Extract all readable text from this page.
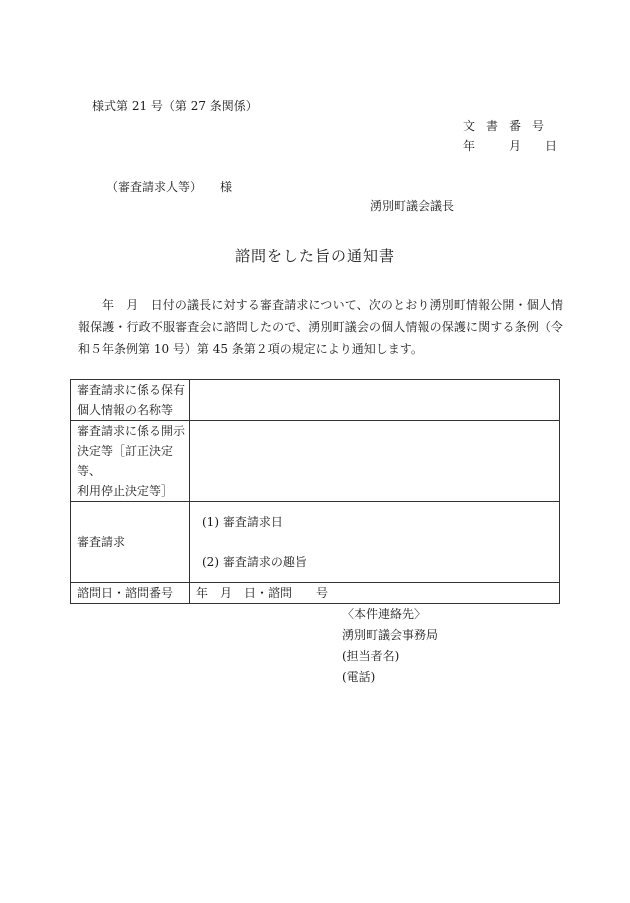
様式第 21 号（第 27 条関係）
文書番号
年	月 日
（審査請求人等） 様
湧別町議会議長
諮問をした旨の通知書
年　月　日付の議長に対する審査請求について、次のとおり湧別町情報公開・個人情報保護・行政不服審査会に諮問したので、湧別町議会の個人情報の保護に関する条例（令和５年条例第 10 号）第 45 条第２項の規定により通知します。
審査請求に係る保有
個人情報の名称等	

審査請求に係る開示
決定等［訂正決定等、
利用停止決定等］	

審査請求	(1) 審査請求日
(2) 審査請求の趣旨

諮問日・諮問番号	年　月　日・諮問　　号
〈本件連絡先〉
湧別町議会事務局
(担当者名)
(電話)
